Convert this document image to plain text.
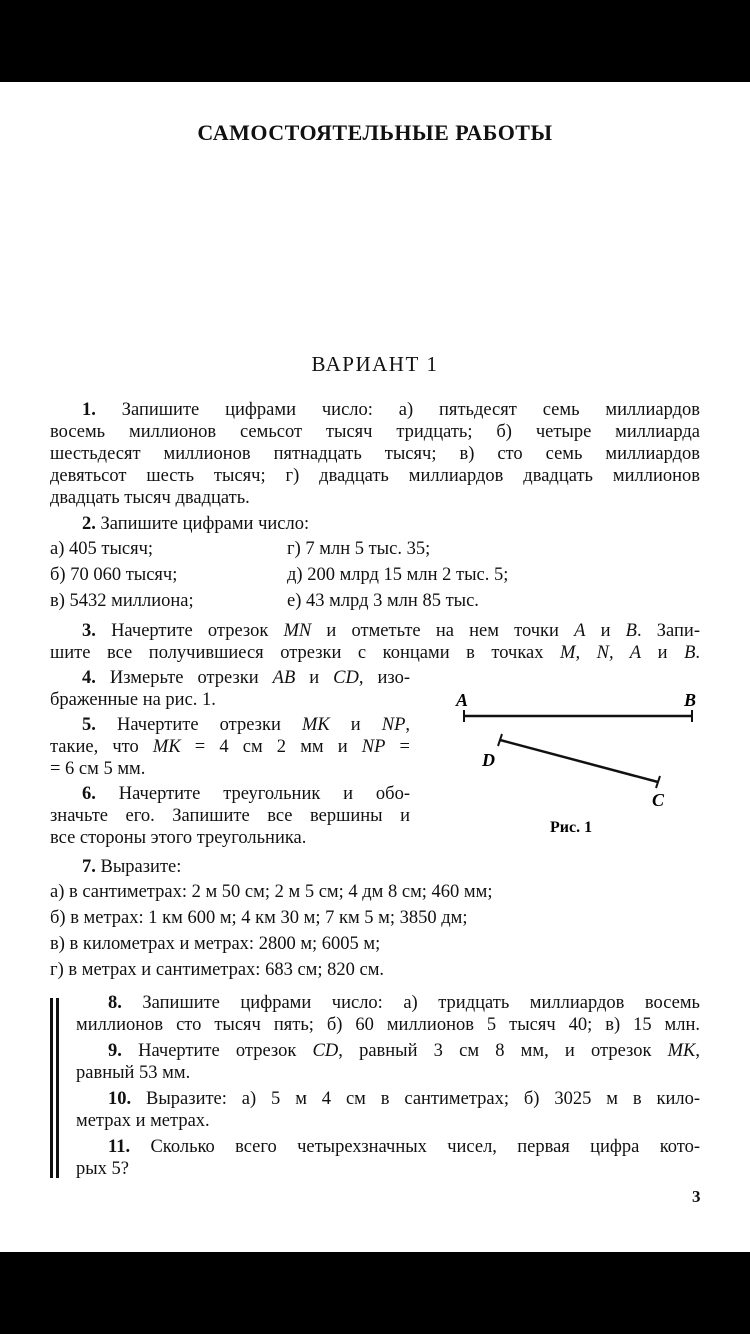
САМОСТОЯТЕЛЬНЫЕ РАБОТЫ
ВАРИАНТ 1
1. Запишите цифрами число: а) пятьдесят семь миллиардов
восемь миллионов семьсот тысяч тридцать; б) четыре миллиарда
шестьдесят миллионов пятнадцать тысяч; в) сто семь миллиардов
девятьсот шесть тысяч; г) двадцать миллиардов двадцать миллионов
двадцать тысяч двадцать.
2. Запишите цифрами число:
а) 405 тысяч;
б) 70 060 тысяч;
в) 5432 миллиона;
г) 7 млн 5 тыс. 35;
д) 200 млрд 15 млн 2 тыс. 5;
е) 43 млрд 3 млн 85 тыс.
3. Начертите отрезок MN и отметьте на нем точки A и B. Запи-
шите все получившиеся отрезки с концами в точках M, N, A и B.
4. Измерьте отрезки AB и CD, изо-
браженные на рис. 1.
5. Начертите отрезки MK и NP,
такие, что MK = 4 см 2 мм и NP =
= 6 см 5 мм.
6. Начертите треугольник и обо-
значьте его. Запишите все вершины и
все стороны этого треугольника.
A	B
D
C
Рис. 1
7. Выразите:
а) в сантиметрах: 2 м 50 см; 2 м 5 см; 4 дм 8 см; 460 мм;
б) в метрах: 1 км 600 м; 4 км 30 м; 7 км 5 м; 3850 дм;
в) в километрах и метрах: 2800 м; 6005 м;
г) в метрах и сантиметрах: 683 см; 820 см.
8. Запишите цифрами число: а) тридцать миллиардов восемь
миллионов сто тысяч пять; б) 60 миллионов 5 тысяч 40; в) 15 млн.
9. Начертите отрезок CD, равный 3 см 8 мм, и отрезок MK,
равный 53 мм.
10. Выразите: а) 5 м 4 см в сантиметрах; б) 3025 м в кило-
метрах и метрах.
11. Сколько всего четырехзначных чисел, первая цифра кото-
рых 5?
3
